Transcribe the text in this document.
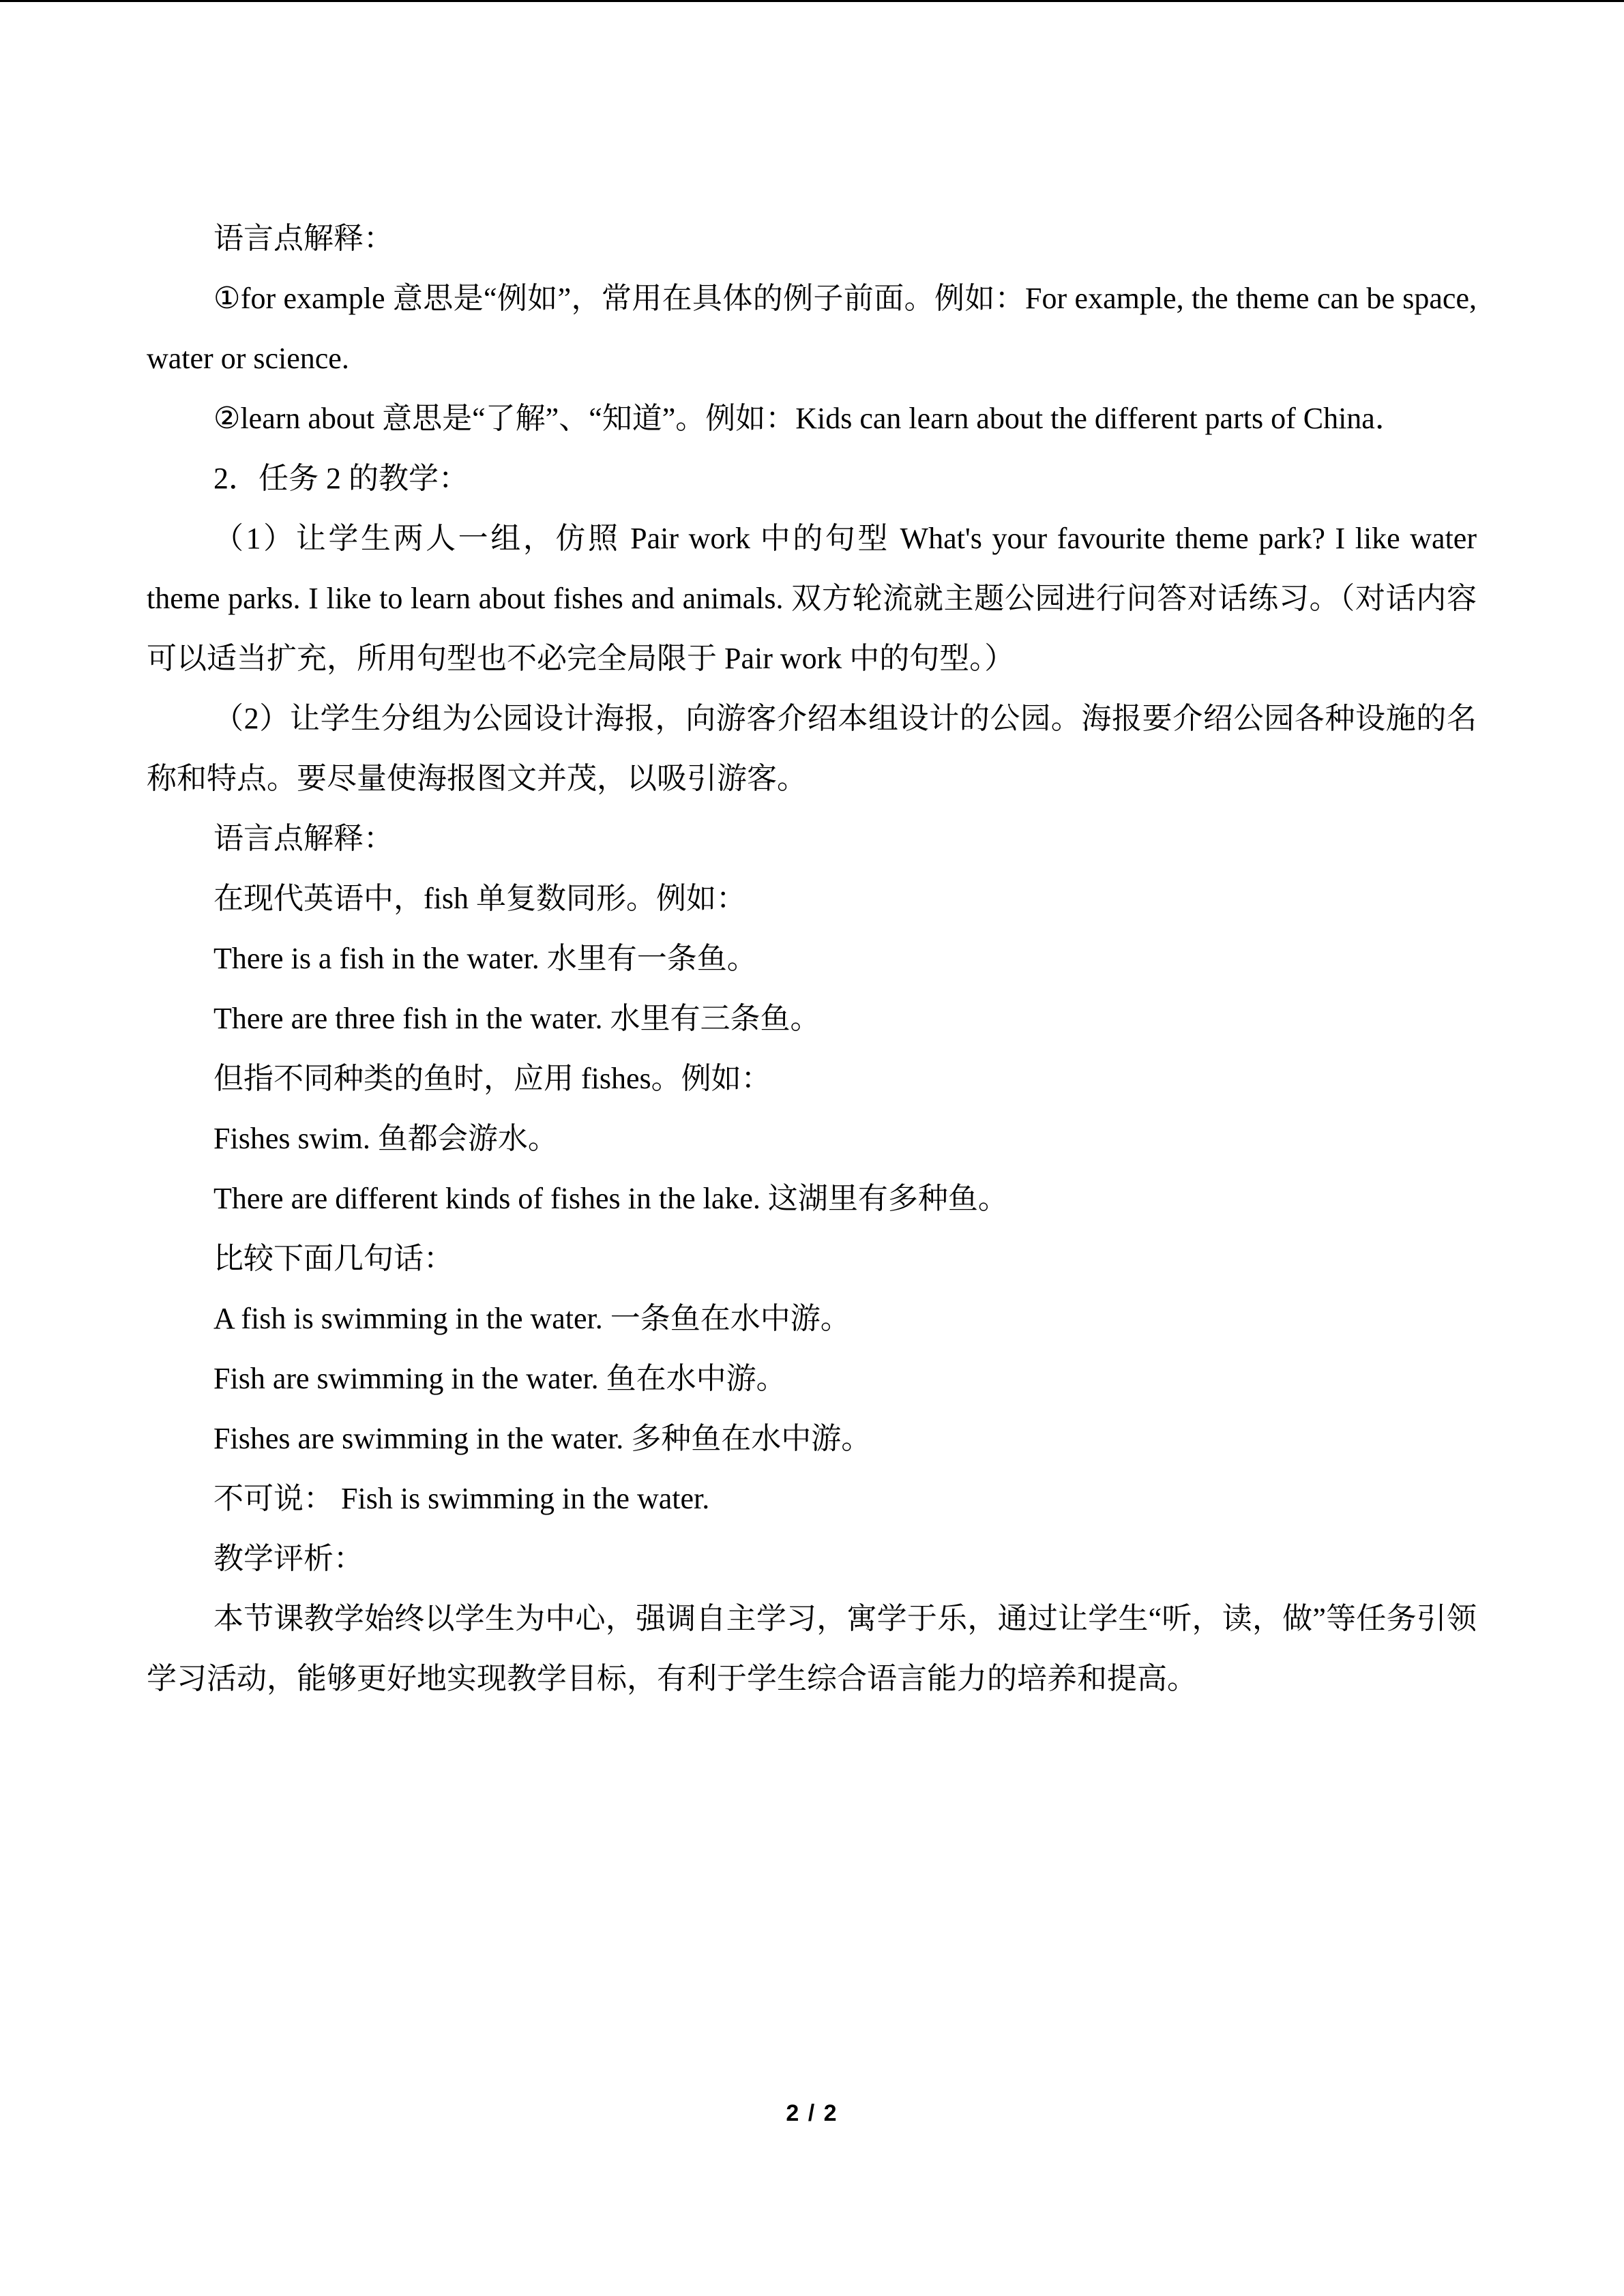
语言点解释：

①for example 意思是“例如”，常用在具体的例子前面。例如：For example, the theme can be space, water or science.

②learn about 意思是“了解”、“知道”。例如：Kids can learn about the different parts of China．

2．任务 2 的教学：

（1）让学生两人一组，仿照 Pair work 中的句型 What's your favourite theme park? I like water theme parks. I like to learn about fishes and animals. 双方轮流就主题公园进行问答对话练习。（对话内容可以适当扩充，所用句型也不必完全局限于 Pair work 中的句型。）

（2）让学生分组为公园设计海报，向游客介绍本组设计的公园。海报要介绍公园各种设施的名称和特点。要尽量使海报图文并茂，以吸引游客。

语言点解释：

在现代英语中，fish 单复数同形。例如：

There is a fish in the water. 水里有一条鱼。

There are three fish in the water. 水里有三条鱼。

但指不同种类的鱼时，应用 fishes。例如：

Fishes swim. 鱼都会游水。

There are different kinds of fishes in the lake. 这湖里有多种鱼。

比较下面几句话：

A fish is swimming in the water. 一条鱼在水中游。

Fish are swimming in the water. 鱼在水中游。

Fishes are swimming in the water. 多种鱼在水中游。

不可说： Fish is swimming in the water.

教学评析：

本节课教学始终以学生为中心，强调自主学习，寓学于乐，通过让学生“听，读，做”等任务引领学习活动，能够更好地实现教学目标，有利于学生综合语言能力的培养和提高。

2 / 2
